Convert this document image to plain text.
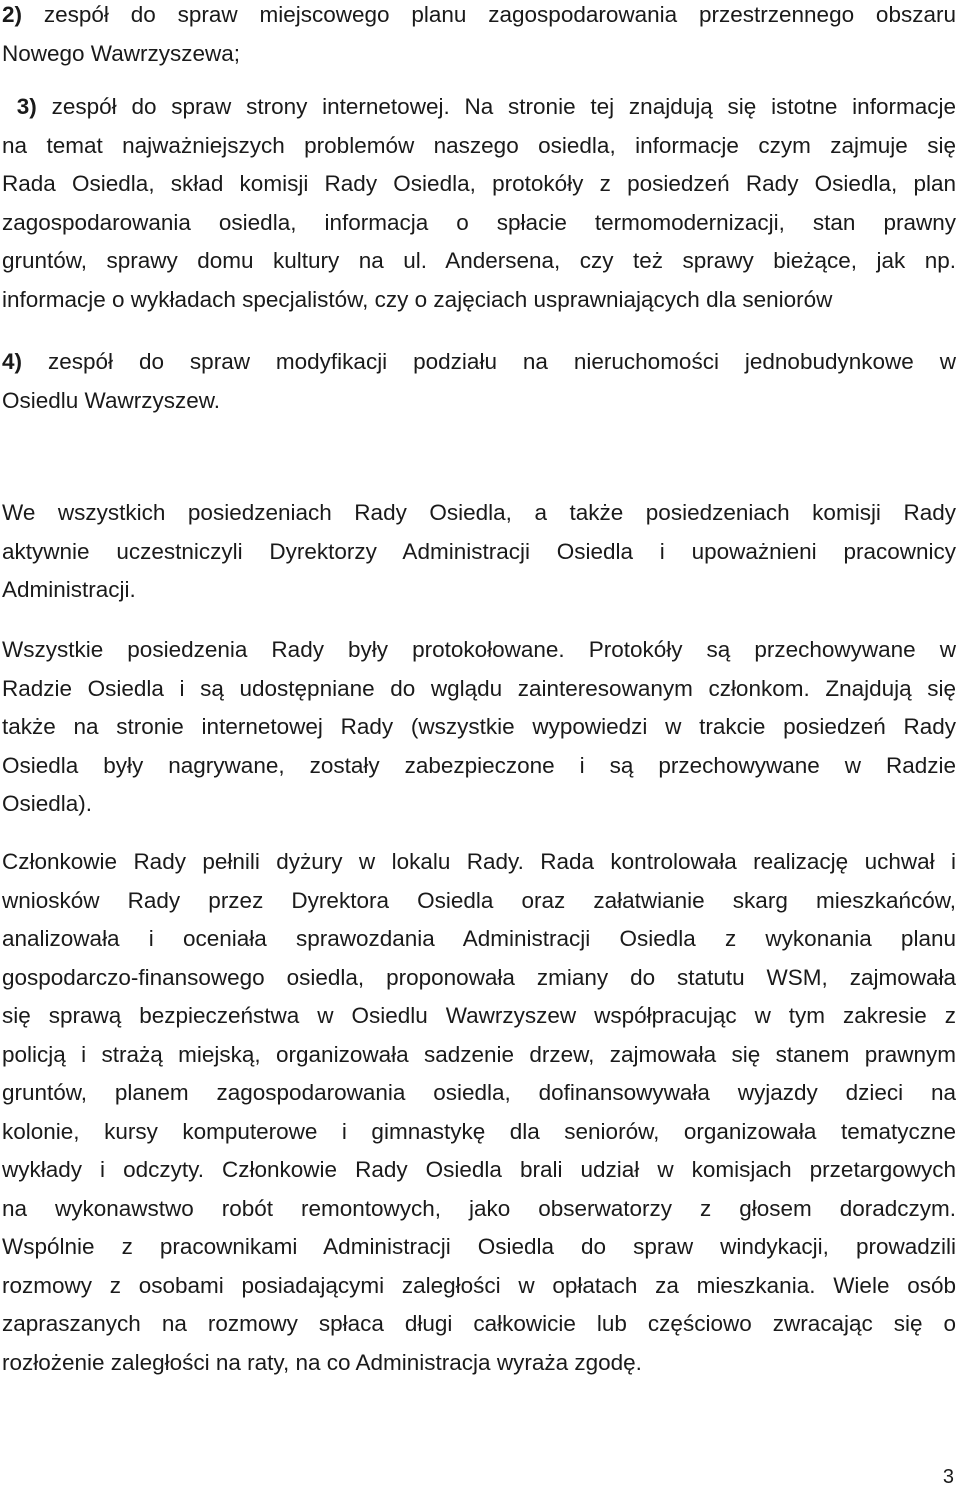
2) zespół do spraw miejscowego planu zagospodarowania przestrzennego obszaru
Nowego Wawrzyszewa;
3) zespół do spraw strony internetowej. Na stronie tej znajdują się istotne informacje
na temat najważniejszych problemów naszego osiedla, informacje czym zajmuje się
Rada Osiedla, skład komisji Rady Osiedla, protokóły z posiedzeń Rady Osiedla, plan
zagospodarowania osiedla, informacja o spłacie termomodernizacji, stan prawny
gruntów, sprawy domu kultury na ul. Andersena, czy też sprawy bieżące, jak np.
informacje o wykładach specjalistów, czy o zajęciach usprawniających dla seniorów
4) zespół do spraw modyfikacji podziału na nieruchomości jednobudynkowe w
Osiedlu Wawrzyszew.
We wszystkich posiedzeniach Rady Osiedla, a także posiedzeniach komisji Rady
aktywnie uczestniczyli Dyrektorzy Administracji Osiedla i upoważnieni pracownicy
Administracji.
Wszystkie posiedzenia Rady były protokołowane. Protokóły są przechowywane w
Radzie Osiedla i są udostępniane do wglądu zainteresowanym członkom. Znajdują się
także na stronie internetowej Rady (wszystkie wypowiedzi w trakcie posiedzeń Rady
Osiedla były nagrywane, zostały zabezpieczone i są przechowywane w Radzie
Osiedla).
Członkowie Rady pełnili dyżury w lokalu Rady. Rada kontrolowała realizację uchwał i
wniosków Rady przez Dyrektora Osiedla oraz załatwianie skarg mieszkańców,
analizowała i oceniała sprawozdania Administracji Osiedla z wykonania planu
gospodarczo-finansowego osiedla, proponowała zmiany do statutu WSM, zajmowała
się sprawą bezpieczeństwa w Osiedlu Wawrzyszew współpracując w tym zakresie z
policją i strażą miejską, organizowała sadzenie drzew, zajmowała się stanem prawnym
gruntów, planem zagospodarowania osiedla, dofinansowywała wyjazdy dzieci na
kolonie, kursy komputerowe i gimnastykę dla seniorów, organizowała tematyczne
wykłady i odczyty. Członkowie Rady Osiedla brali udział w komisjach przetargowych
na wykonawstwo robót remontowych, jako obserwatorzy z głosem doradczym.
Wspólnie z pracownikami Administracji Osiedla do spraw windykacji, prowadzili
rozmowy z osobami posiadającymi zaległości w opłatach za mieszkania. Wiele osób
zapraszanych na rozmowy spłaca długi całkowicie lub częściowo zwracając się o
rozłożenie zaległości na raty, na co Administracja wyraża zgodę.
3
